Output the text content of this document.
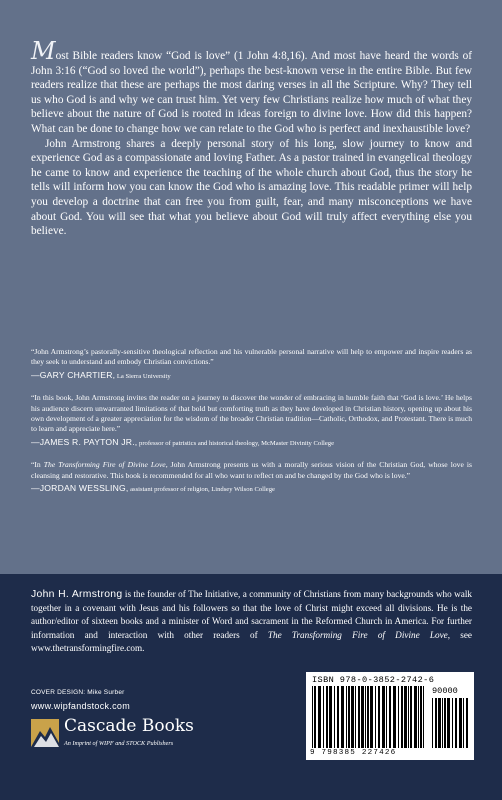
Most Bible readers know “God is love” (1 John 4:8,16). And most have heard the words of John 3:16 (“God so loved the world”), perhaps the best-known verse in the entire Bible. But few readers realize that these are perhaps the most daring verses in all the Scripture. Why? They tell us who God is and why we can trust him. Yet very few Christians realize how much of what they believe about the nature of God is rooted in ideas foreign to divine love. How did this happen? What can be done to change how we can relate to the God who is perfect and inexhaustible love?

John Armstrong shares a deeply personal story of his long, slow journey to know and experience God as a compassionate and loving Father. As a pastor trained in evangelical theology he came to know and experience the teaching of the whole church about God, thus the story he tells will inform how you can know the God who is amazing love. This readable primer will help you develop a doctrine that can free you from guilt, fear, and many misconceptions we have about God. You will see that what you believe about God will truly affect everything else you believe.

“John Armstrong’s pastorally-sensitive theological reflection and his vulnerable personal narrative will help to empower and inspire readers as they seek to understand and embody Christian convictions.”
—GARY CHARTIER, La Sierra University
“In this book, John Armstrong invites the reader on a journey to discover the wonder of embracing in humble faith that ‘God is love.’ He helps his audience discern unwarranted limitations of that bold but comforting truth as they have developed in Christian history, opening up about his own development of a greater appreciation for the wisdom of the broader Christian tradition—Catholic, Orthodox, and Protestant. There is much to learn and appreciate here.”
—JAMES R. PAYTON JR., professor of patristics and historical theology, McMaster Divinity College
“In The Transforming Fire of Divine Love, John Armstrong presents us with a morally serious vision of the Christian God, whose love is cleansing and restorative. This book is recommended for all who want to reflect on and be changed by the God who is love.”
—JORDAN WESSLING, assistant professor of religion, Lindsey Wilson College
John H. Armstrong is the founder of The Initiative, a community of Christians from many backgrounds who walk together in a covenant with Jesus and his followers so that the love of Christ might exceed all divisions. He is the author/editor of sixteen books and a minister of Word and sacrament in the Reformed Church in America. For further information and interaction with other readers of The Transforming Fire of Divine Love, see www.thetransformingfire.com.
COVER DESIGN: Mike Surber
www.wipfandstock.com
Cascade Books
An Imprint of WIPF and STOCK Publishers
ISBN 978-0-3852-2742-6
90000
9 798385 227426
